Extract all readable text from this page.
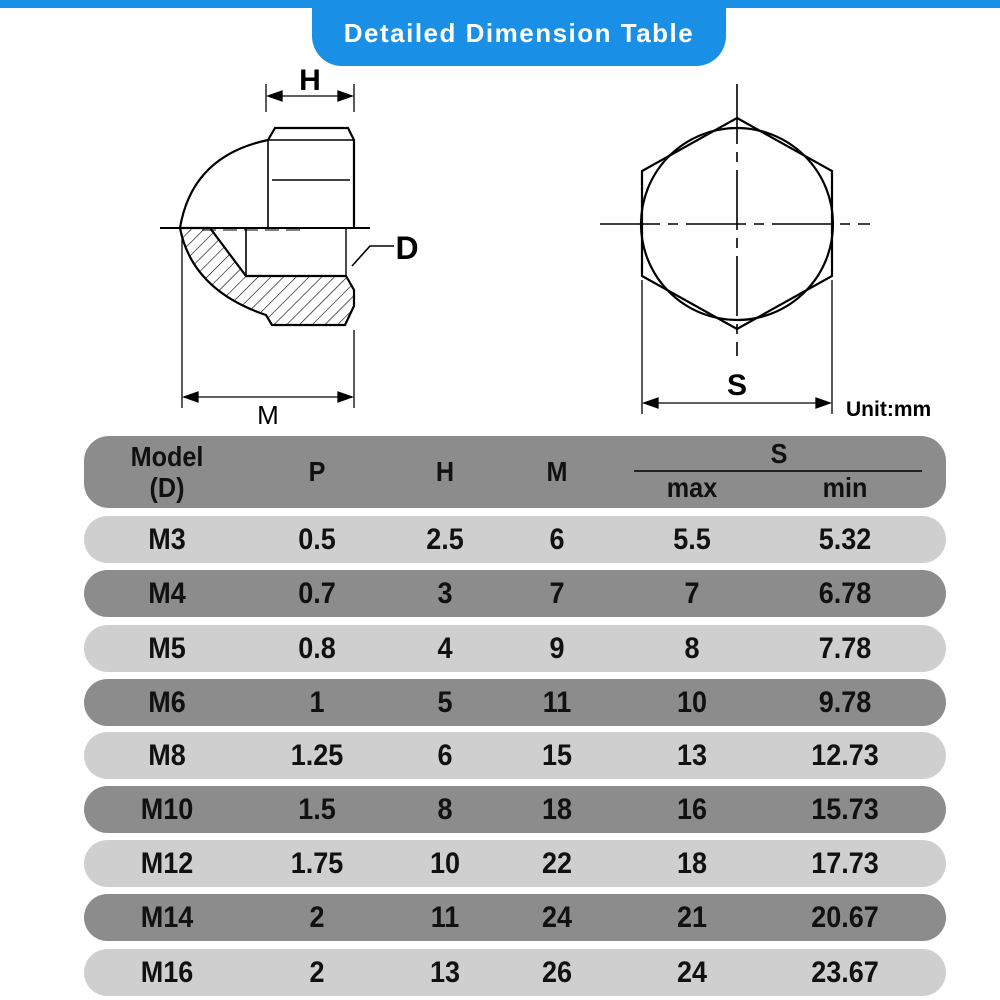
Detailed Dimension Table
H
D
M
S
Unit:mm
Model
(D)
P	H	M
S
max	min
M3	0.5	2.5	6	5.5	5.32
M4	0.7	3	7	7	6.78
M5	0.8	4	9	8	7.78
M6	1	5	11	10	9.78
M8	1.25	6	15	13	12.73
M10	1.5	8	18	16	15.73
M12	1.75	10	22	18	17.73
M14	2	11	24	21	20.67
M16	2	13	26	24	23.67
